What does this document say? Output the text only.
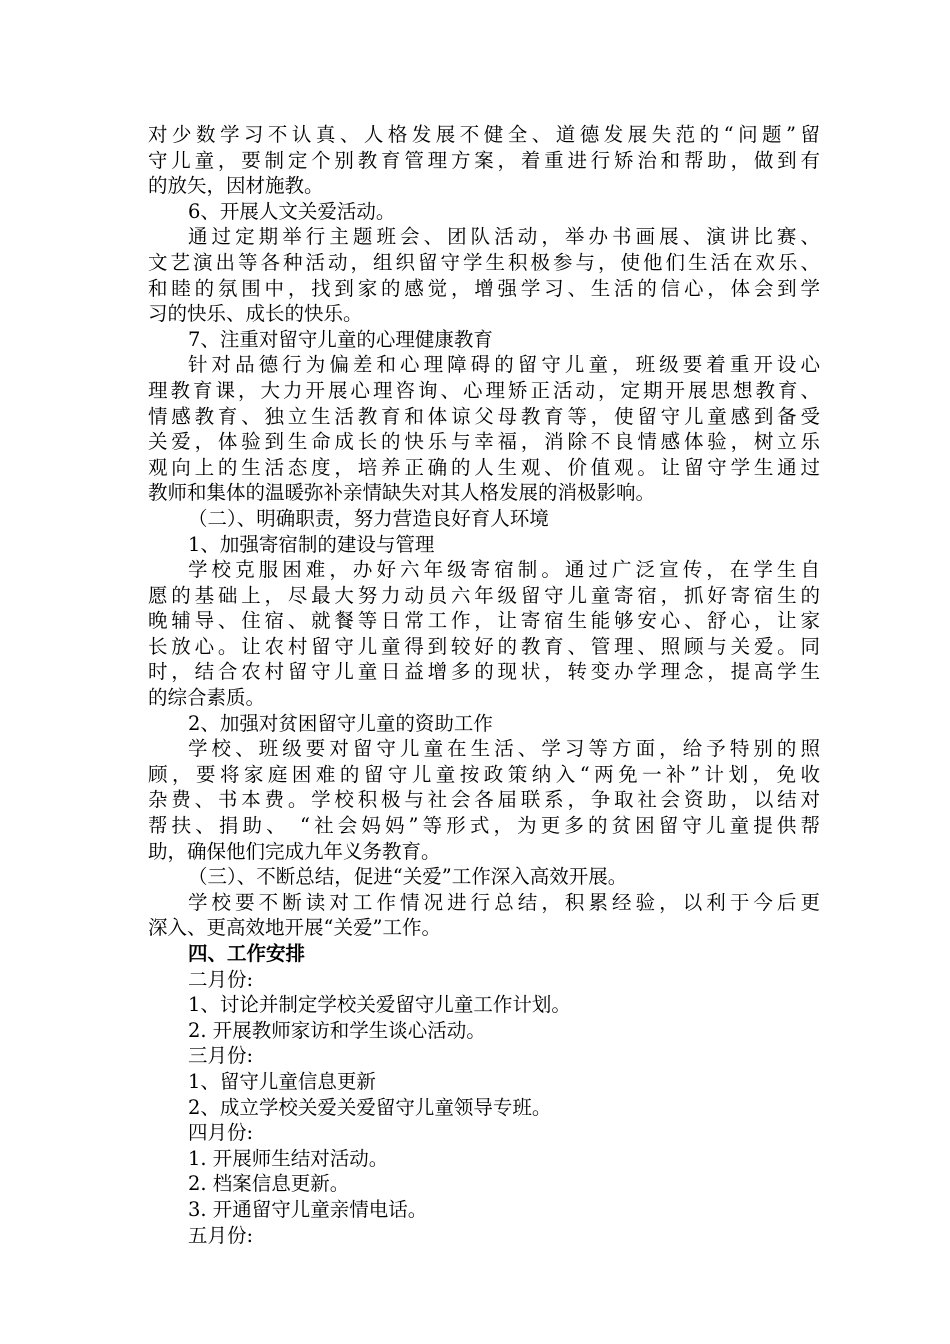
对少数学习不认真、人格发展不健全、道德发展失范的“问题”留
守儿童，要制定个别教育管理方案，着重进行矫治和帮助，做到有
的放矢，因材施教。
6、开展人文关爱活动。
通过定期举行主题班会、团队活动，举办书画展、演讲比赛、
文艺演出等各种活动，组织留守学生积极参与，使他们生活在欢乐、
和睦的氛围中，找到家的感觉，增强学习、生活的信心，体会到学
习的快乐、成长的快乐。
7、注重对留守儿童的心理健康教育
针对品德行为偏差和心理障碍的留守儿童，班级要着重开设心
理教育课，大力开展心理咨询、心理矫正活动，定期开展思想教育、
情感教育、独立生活教育和体谅父母教育等，使留守儿童感到备受
关爱，体验到生命成长的快乐与幸福，消除不良情感体验，树立乐
观向上的生活态度，培养正确的人生观、价值观。让留守学生通过
教师和集体的温暖弥补亲情缺失对其人格发展的消极影响。
（二）、明确职责，努力营造良好育人环境
1、加强寄宿制的建设与管理
学校克服困难，办好六年级寄宿制。通过广泛宣传，在学生自
愿的基础上，尽最大努力动员六年级留守儿童寄宿，抓好寄宿生的
晚辅导、住宿、就餐等日常工作，让寄宿生能够安心、舒心，让家
长放心。让农村留守儿童得到较好的教育、管理、照顾与关爱。同
时，结合农村留守儿童日益增多的现状，转变办学理念，提高学生
的综合素质。
2、加强对贫困留守儿童的资助工作
学校、班级要对留守儿童在生活、学习等方面，给予特别的照
顾，要将家庭困难的留守儿童按政策纳入“两免一补”计划，免收
杂费、书本费。学校积极与社会各届联系，争取社会资助，以结对
帮扶、捐助、 “社会妈妈”等形式，为更多的贫困留守儿童提供帮
助，确保他们完成九年义务教育。
（三）、不断总结，促进“关爱”工作深入高效开展。
学校要不断读对工作情况进行总结，积累经验，以利于今后更
深入、更高效地开展“关爱”工作。
四、工作安排
二月份:
1、讨论并制定学校关爱留守儿童工作计划。
2. 开展教师家访和学生谈心活动。
三月份:
1、留守儿童信息更新
2、成立学校关爱关爱留守儿童领导专班。
四月份:
1. 开展师生结对活动。
2. 档案信息更新。
3. 开通留守儿童亲情电话。
五月份:
